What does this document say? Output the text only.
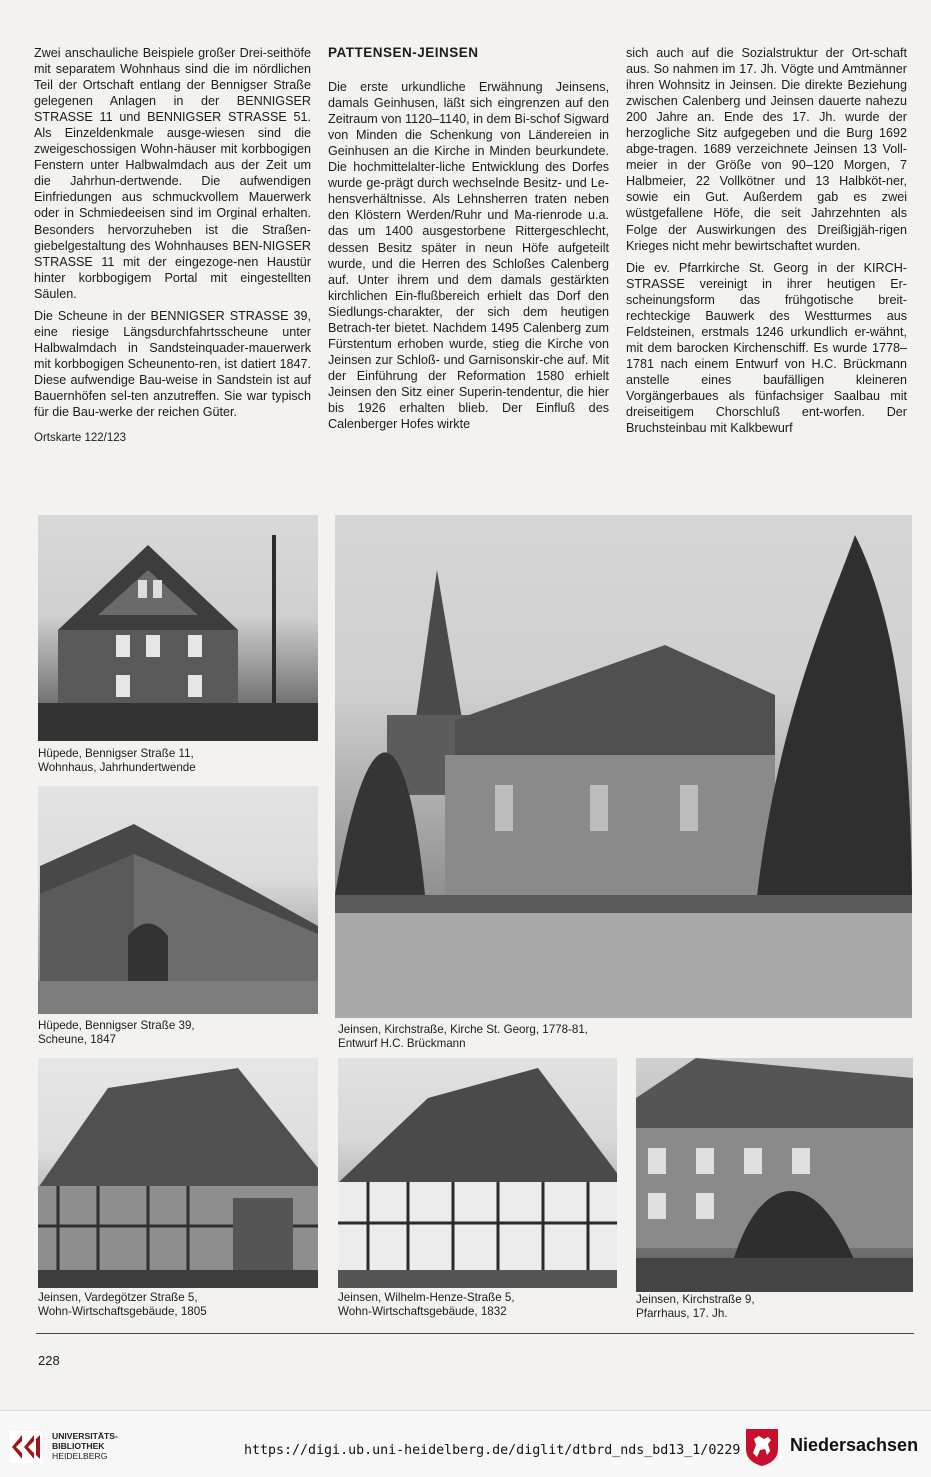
Zwei anschauliche Beispiele großer Drei-seithöfe mit separatem Wohnhaus sind die im nördlichen Teil der Ortschaft entlang der Bennigser Straße gelegenen Anlagen in der BENNIGSER STRASSE 11 und BENNIGSER STRASSE 51. Als Einzeldenkmale ausge-wiesen sind die zweigeschossigen Wohn-häuser mit korbbogigen Fenstern unter Halbwalmdach aus der Zeit um die Jahrhun-dertwende. Die aufwendigen Einfriedungen aus schmuckvollem Mauerwerk oder in Schmiedeeisen sind im Orginal erhalten. Besonders hervorzuheben ist die Straßen-giebelgestaltung des Wohnhauses BEN-NIGSER STRASSE 11 mit der eingezoge-nen Haustür hinter korbbogigem Portal mit eingestellten Säulen.

Die Scheune in der BENNIGSER STRASSE 39, eine riesige Längsdurchfahrtsscheune unter Halbwalmdach in Sandsteinquader-mauerwerk mit korbbogigen Scheunento-ren, ist datiert 1847. Diese aufwendige Bau-weise in Sandstein ist auf Bauernhöfen sel-ten anzutreffen. Sie war typisch für die Bau-werke der reichen Güter.

Ortskarte 122/123
PATTENSEN-JEINSEN

Die erste urkundliche Erwähnung Jeinsens, damals Geinhusen, läßt sich eingrenzen auf den Zeitraum von 1120–1140, in dem Bi-schof Sigward von Minden die Schenkung von Ländereien in Geinhusen an die Kirche in Minden beurkundete. Die hochmittelalter-liche Entwicklung des Dorfes wurde ge-prägt durch wechselnde Besitz- und Le-hensverhältnisse. Als Lehnsherren traten neben den Klöstern Werden/Ruhr und Ma-rienrode u.a. das um 1400 ausgestorbene Rittergeschlecht, dessen Besitz später in neun Höfe aufgeteilt wurde, und die Herren des Schloßes Calenberg auf. Unter ihrem und dem damals gestärkten kirchlichen Ein-flußbereich erhielt das Dorf den Siedlungs-charakter, der sich dem heutigen Betrach-ter bietet. Nachdem 1495 Calenberg zum Fürstentum erhoben wurde, stieg die Kirche von Jeinsen zur Schloß- und Garnisonskir-che auf. Mit der Einführung der Reformation 1580 erhielt Jeinsen den Sitz einer Superin-tendentur, die hier bis 1926 erhalten blieb. Der Einfluß des Calenberger Hofes wirkte

sich auch auf die Sozialstruktur der Ort-schaft aus. So nahmen im 17. Jh. Vögte und Amtmänner ihren Wohnsitz in Jeinsen. Die direkte Beziehung zwischen Calenberg und Jeinsen dauerte nahezu 200 Jahre an. Ende des 17. Jh. wurde der herzogliche Sitz aufgegeben und die Burg 1692 abge-tragen. 1689 verzeichnete Jeinsen 13 Voll-meier in der Größe von 90–120 Morgen, 7 Halbmeier, 22 Vollkötner und 13 Halbköt-ner, sowie ein Gut. Außerdem gab es zwei wüstgefallene Höfe, die seit Jahrzehnten als Folge der Auswirkungen des Dreißigjäh-rigen Krieges nicht mehr bewirtschaftet wurden.

Die ev. Pfarrkirche St. Georg in der KIRCH-STRASSE vereinigt in ihrer heutigen Er-scheinungsform das frühgotische breit-rechteckige Bauwerk des Westturmes aus Feldsteinen, erstmals 1246 urkundlich er-wähnt, mit dem barocken Kirchenschiff. Es wurde 1778–1781 nach einem Entwurf von H.C. Brückmann anstelle eines baufälligen kleineren Vorgängerbaues als fünfachsiger Saalbau mit dreiseitigem Chorschluß ent-worfen. Der Bruchsteinbau mit Kalkbewurf

Hüpede, Bennigser Straße 11,
Wohnhaus, Jahrhundertwende
Hüpede, Bennigser Straße 39,
Scheune, 1847
Jeinsen, Kirchstraße, Kirche St. Georg, 1778-81,
Entwurf H.C. Brückmann
Jeinsen, Vardegötzer Straße 5,
Wohn-Wirtschaftsgebäude, 1805
Jeinsen, Wilhelm-Henze-Straße 5,
Wohn-Wirtschaftsgebäude, 1832
Jeinsen, Kirchstraße 9,
Pfarrhaus, 17. Jh.
228
UNIVERSITÄTS-
BIBLIOTHEK
HEIDELBERG	https://digi.ub.uni-heidelberg.de/diglit/dtbrd_nds_bd13_1/0229	Niedersachsen
